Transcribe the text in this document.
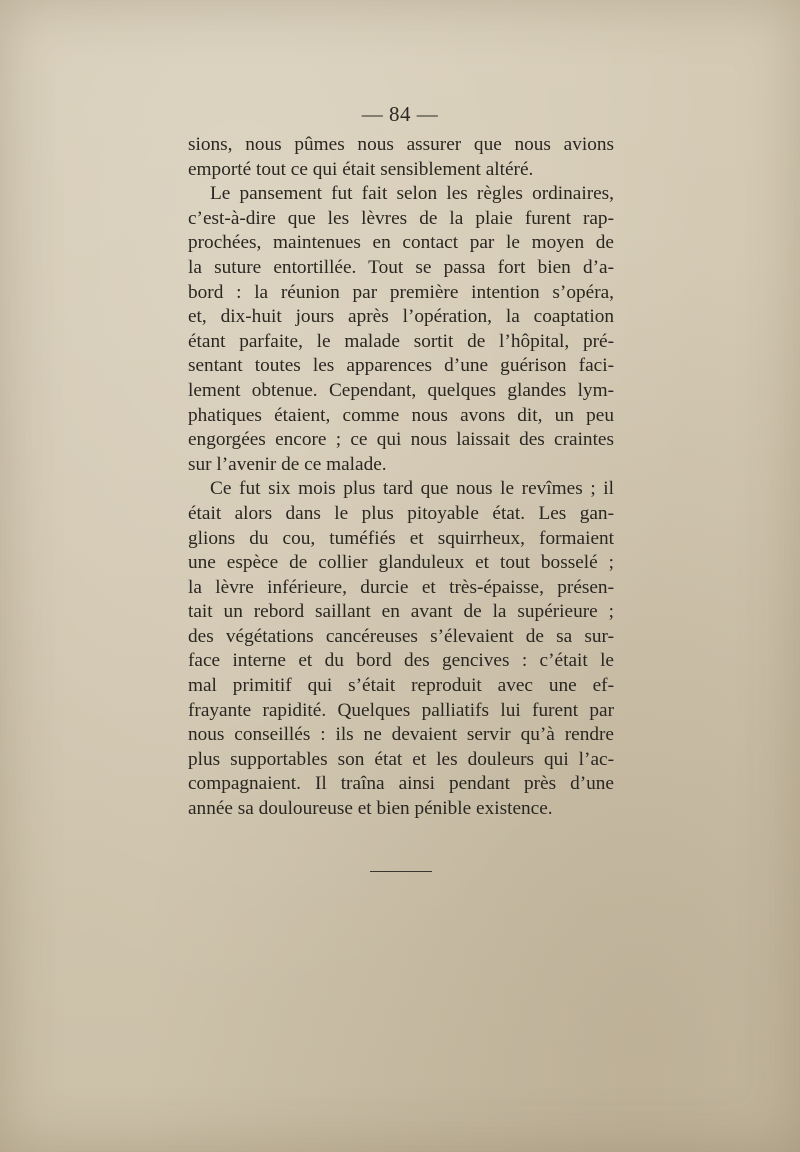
— 84 —
sions, nous pûmes nous assurer que nous avions
emporté tout ce qui était sensiblement altéré.
Le pansement fut fait selon les règles ordinaires,
c’est-à-dire que les lèvres de la plaie furent rap-
prochées, maintenues en contact par le moyen de
la suture entortillée. Tout se passa fort bien d’a-
bord : la réunion par première intention s’opéra,
et, dix-huit jours après l’opération, la coaptation
étant parfaite, le malade sortit de l’hôpital, pré-
sentant toutes les apparences d’une guérison faci-
lement obtenue. Cependant, quelques glandes lym-
phatiques étaient, comme nous avons dit, un peu
engorgées encore ; ce qui nous laissait des craintes
sur l’avenir de ce malade.
Ce fut six mois plus tard que nous le revîmes ; il
était alors dans le plus pitoyable état. Les gan-
glions du cou, tuméfiés et squirrheux, formaient
une espèce de collier glanduleux et tout bosselé ;
la lèvre inférieure, durcie et très-épaisse, présen-
tait un rebord saillant en avant de la supérieure ;
des végétations cancéreuses s’élevaient de sa sur-
face interne et du bord des gencives : c’était le
mal primitif qui s’était reproduit avec une ef-
frayante rapidité. Quelques palliatifs lui furent par
nous conseillés : ils ne devaient servir qu’à rendre
plus supportables son état et les douleurs qui l’ac-
compagnaient. Il traîna ainsi pendant près d’une
année sa douloureuse et bien pénible existence.
